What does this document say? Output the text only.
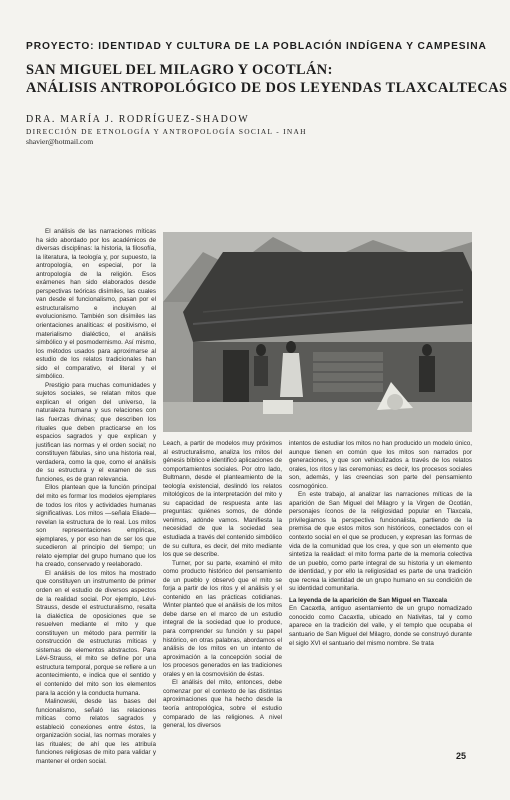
PROYECTO: IDENTIDAD Y CULTURA DE LA POBLACIÓN INDÍGENA Y CAMPESINA
SAN MIGUEL DEL MILAGRO Y OCOTLÁN:
ANÁLISIS ANTROPOLÓGICO DE DOS LEYENDAS TLAXCALTECAS
DRA. MARÍA J. RODRÍGUEZ-SHADOW
DIRECCIÓN DE ETNOLOGÍA Y ANTROPOLOGÍA SOCIAL - INAH
shavier@hotmail.com

El análisis de las narraciones míticas ha sido abordado por los académicos de diversas disciplinas: la historia, la filosofía, la literatura, la teología y, por supuesto, la antropología, en especial, por la antropología de la religión. Esos exámenes han sido elaborados desde perspectivas teóricas disímiles, las cuales van desde el funcionalismo, pasan por el estructuralismo e incluyen al evolucionismo. También son disímiles las orientaciones analíticas: el positivismo, el materialismo dialéctico, el análisis simbólico y el posmodernismo. Así mismo, los métodos usados para aproximarse al estudio de los relatos tradicionales han sido el comparativo, el literal y el simbólico.

Prestigio para muchas comunidades y sujetos sociales, se relatan mitos que explican el origen del universo, la naturaleza humana y sus relaciones con las fuerzas divinas; que describen los rituales que deben practicarse en los espacios sagrados y que explican y justifican las normas y el orden social; no constituyen fábulas, sino una historia real, verdadera, como la que, como el análisis de su estructura y el examen de sus funciones, es de gran relevancia.

Ellos plantean que la función principal del mito es formar los modelos ejemplares de todos los ritos y actividades humanas significativas. Los mitos —señala Eliade— revelan la estructura de lo real. Los mitos son representaciones empíricas, ejemplares, y por eso han de ser los que sucedieron al principio del tiempo; un relato ejemplar del grupo humano que los ha creado, conservado y reelaborado.

El análisis de los mitos ha mostrado que constituyen un instrumento de primer orden en el estudio de diversos aspectos de la realidad social. Por ejemplo, Lévi-Strauss, desde el estructuralismo, resalta la dialéctica de oposiciones que se resuelven mediante el mito y que constituyen un método para permitir la construcción de estructuras míticas y sistemas de elementos abstractos. Para Lévi-Strauss, el mito se define por una estructura temporal, porque se refiere a un acontecimiento, e indica que el sentido y el contenido del mito son los elementos para la acción y la conducta humana.

Malinowski, desde las bases del funcionalismo, señaló las relaciones míticas como relatos sagrados y estableció conexiones entre éstos, la organización social, las normas morales y las rituales; de ahí que les atribuía funciones religiosas de mito para validar y mantener el orden social.

Leach, a partir de modelos muy próximos al estructuralismo, analiza los mitos del génesis bíblico e identificó aplicaciones de comportamientos sociales. Por otro lado, Bultmann, desde el planteamiento de la teología existencial, deslindó los relatos mitológicos de la interpretación del mito y su capacidad de respuesta ante las preguntas: quiénes somos, de dónde venimos, adónde vamos. Manifiesta la necesidad de que la sociedad sea estudiada a través del contenido simbólico de su cultura, es decir, del mito mediante los que se describe.

Turner, por su parte, examinó el mito como producto histórico del pensamiento de un pueblo y observó que el mito se forja a partir de los ritos y el análisis y el contenido en las prácticas cotidianas. Winter planteó que el análisis de los mitos debe darse en el marco de un estudio integral de la sociedad que lo produce, para comprender su función y su papel histórico, en otras palabras, abordamos el análisis de los mitos en un intento de aproximación a la concepción social de los procesos generados en las tradiciones orales y en la cosmovisión de éstas.

El análisis del mito, entonces, debe comenzar por el contexto de las distintas aproximaciones que ha hecho desde la teoría antropológica, sobre el estudio comparado de las religiones. A nivel general, los diversos

intentos de estudiar los mitos no han producido un modelo único, aunque tienen en común que los mitos son narrados por generaciones, y que son vehiculizados a través de los relatos orales, los ritos y las ceremonias; es decir, los procesos sociales son, además, y las creencias son parte del pensamiento cosmogónico.

En este trabajo, al analizar las narraciones míticas de la aparición de San Miguel del Milagro y la Virgen de Ocotlán, personajes íconos de la religiosidad popular en Tlaxcala, privilegiamos la perspectiva funcionalista, partiendo de la premisa de que estos mitos son históricos, conectados con el contexto social en el que se producen, y expresan las formas de vida de la comunidad que los crea, y que son un elemento que sintetiza la realidad: el mito forma parte de la memoria colectiva de un pueblo, como parte integral de su historia y un elemento de identidad, y por ello la religiosidad es parte de una tradición que recrea la identidad de un grupo humano en su condición de su identidad comunitaria.

La leyenda de la aparición de San Miguel en Tlaxcala

En Cacaxtla, antiguo asentamiento de un grupo nomadizado conocido como Cacaxtla, ubicado en Nativitas, tal y como aparece en la tradición del valle, y el templo que ocupaba el santuario de San Miguel del Milagro, donde se construyó durante el siglo XVI el santuario del mismo nombre. Se trata

25
